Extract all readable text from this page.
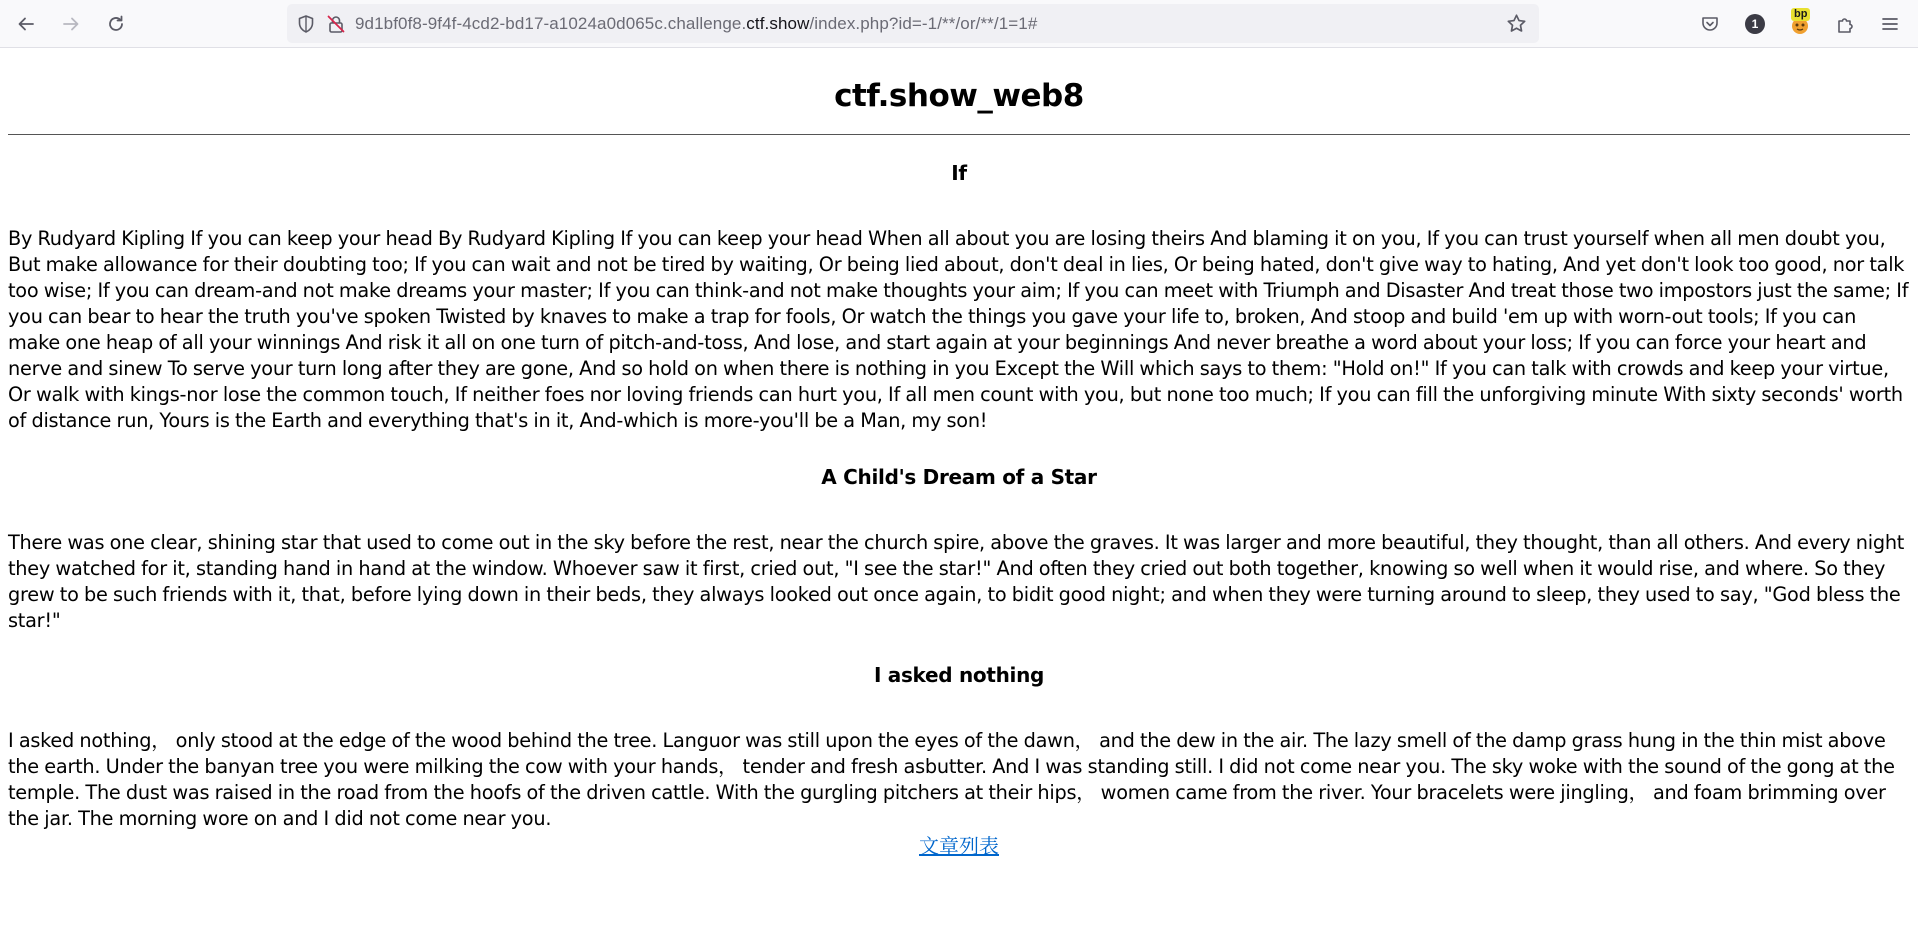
9d1bf0f8-9f4f-4cd2-bd17-a1024a0d065c.challenge.ctf.show/index.php?id=-1/**/or/**/1=1#	1
bp
ctf.show_web8
If

By Rudyard Kipling If you can keep your head By Rudyard Kipling If you can keep your head When all about you are losing theirs And blaming it on you, If you can trust yourself when all men doubt you, But make allowance for their doubting too; If you can wait and not be tired by waiting, Or being lied about, don't deal in lies, Or being hated, don't give way to hating, And yet don't look too good, nor talk too wise; If you can dream-and not make dreams your master; If you can think-and not make thoughts your aim; If you can meet with Triumph and Disaster And treat those two impostors just the same; If you can bear to hear the truth you've spoken Twisted by knaves to make a trap for fools, Or watch the things you gave your life to, broken, And stoop and build 'em up with worn-out tools; If you can make one heap of all your winnings And risk it all on one turn of pitch-and-toss, And lose, and start again at your beginnings And never breathe a word about your loss; If you can force your heart and nerve and sinew To serve your turn long after they are gone, And so hold on when there is nothing in you Except the Will which says to them: "Hold on!" If you can talk with crowds and keep your virtue, Or walk with kings-nor lose the common touch, If neither foes nor loving friends can hurt you, If all men count with you, but none too much; If you can fill the unforgiving minute With sixty seconds' worth of distance run, Yours is the Earth and everything that's in it, And-which is more-you'll be a Man, my son!

A Child's Dream of a Star

There was one clear, shining star that used to come out in the sky before the rest, near the church spire, above the graves. It was larger and more beautiful, they thought, than all others. And every night they watched for it, standing hand in hand at the window. Whoever saw it first, cried out, "I see the star!" And often they cried out both together, knowing so well when it would rise, and where. So they grew to be such friends with it, that, before lying down in their beds, they always looked out once again, to bidit good night; and when they were turning around to sleep, they used to say, "God bless the star!"

I asked nothing

I asked nothing， only stood at the edge of the wood behind the tree. Languor was still upon the eyes of the dawn， and the dew in the air. The lazy smell of the damp grass hung in the thin mist above the earth. Under the banyan tree you were milking the cow with your hands， tender and fresh asbutter. And I was standing still. I did not come near you. The sky woke with the sound of the gong at the temple. The dust was raised in the road from the hoofs of the driven cattle. With the gurgling pitchers at their hips， women came from the river. Your bracelets were jingling， and foam brimming over the jar. The morning wore on and I did not come near you.

文章列表
